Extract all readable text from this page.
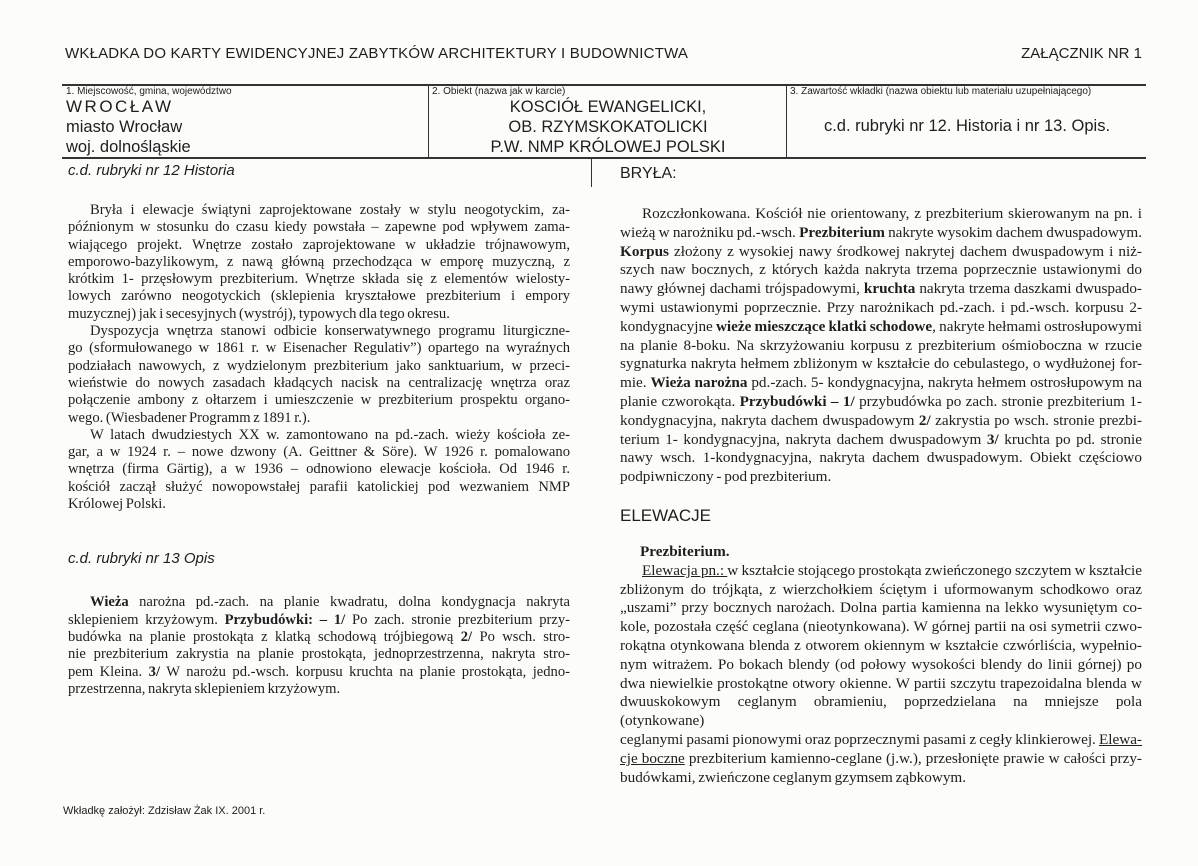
WKŁADKA DO KARTY EWIDENCYJNEJ ZABYTKÓW ARCHITEKTURY I BUDOWNICTWA	ZAŁĄCZNIK NR 1
1. Miejscowość, gmina, województwo
WROCŁAW
miasto Wrocław
woj. dolnośląskie
2. Obiekt (nazwa jak w karcie)
KOSCIÓŁ EWANGELICKI,
OB. RZYMSKOKATOLICKI
P.W. NMP KRÓLOWEJ POLSKI
3. Zawartość wkładki (nazwa obiektu lub materiału uzupełniającego)
c.d. rubryki nr 12. Historia i nr 13. Opis.
c.d. rubryki nr 12 Historia
Bryła i elewacje świątyni zaprojektowane zostały w stylu neogotyckim, za-
późnionym w stosunku do czasu kiedy powstała – zapewne pod wpływem zama-
wiającego projekt. Wnętrze zostało zaprojektowane w układzie trójnawowym,
emporowo-bazylikowym, z nawą główną przechodząca w emporę muzyczną, z
krótkim 1- przęsłowym prezbiterium. Wnętrze składa się z elementów wielosty-
lowych zarówno neogotyckich (sklepienia kryształowe prezbiterium i empory
muzycznej) jak i secesyjnych (wystrój), typowych dla tego okresu.
Dyspozycja wnętrza stanowi odbicie konserwatywnego programu liturgiczne-
go (sformułowanego w 1861 r. w Eisenacher Regulativ”) opartego na wyraźnych
podziałach nawowych, z wydzielonym prezbiterium jako sanktuarium, w przeci-
wieństwie do nowych zasadach kładących nacisk na centralizację wnętrza oraz
połączenie ambony z ołtarzem i umieszczenie w prezbiterium prospektu organo-
wego. (Wiesbadener Programm z 1891 r.).
W latach dwudziestych XX w. zamontowano na pd.-zach. wieży kościoła ze-
gar, a w 1924 r. – nowe dzwony (A. Geittner & Söre). W 1926 r. pomalowano
wnętrza (firma Gärtig), a w 1936 – odnowiono elewacje kościoła. Od 1946 r.
kościół zaczął służyć nowopowstałej parafii katolickiej pod wezwaniem NMP
Królowej Polski.
c.d. rubryki nr 13 Opis
Wieża narożna pd.-zach. na planie kwadratu, dolna kondygnacja nakryta
sklepieniem krzyżowym. Przybudówki: – 1/ Po zach. stronie prezbiterium przy-
budówka na planie prostokąta z klatką schodową trójbiegową 2/ Po wsch. stro-
nie prezbiterium zakrystia na planie prostokąta, jednoprzestrzenna, nakryta stro-
pem Kleina. 3/ W narożu pd.-wsch. korpusu kruchta na planie prostokąta, jedno-
przestrzenna, nakryta sklepieniem krzyżowym.
BRYŁA:
Rozczłonkowana. Kościół nie orientowany, z prezbiterium skierowanym na pn. i
wieżą w narożniku pd.-wsch. Prezbiterium nakryte wysokim dachem dwuspadowym.
Korpus złożony z wysokiej nawy środkowej nakrytej dachem dwuspadowym i niż-
szych naw bocznych, z których każda nakryta trzema poprzecznie ustawionymi do
nawy głównej dachami trójspadowymi, kruchta nakryta trzema daszkami dwuspado-
wymi ustawionymi poprzecznie. Przy narożnikach pd.-zach. i pd.-wsch. korpusu 2-
kondygnacyjne wieże mieszczące klatki schodowe, nakryte hełmami ostrosłupowymi
na planie 8-boku. Na skrzyżowaniu korpusu z prezbiterium ośmioboczna w rzucie
sygnaturka nakryta hełmem zbliżonym w kształcie do cebulastego, o wydłużonej for-
mie. Wieża narożna pd.-zach. 5- kondygnacyjna, nakryta hełmem ostrosłupowym na
planie czworokąta. Przybudówki – 1/ przybudówka po zach. stronie prezbiterium 1-
kondygnacyjna, nakryta dachem dwuspadowym 2/ zakrystia po wsch. stronie prezbi-
terium 1- kondygnacyjna, nakryta dachem dwuspadowym 3/ kruchta po pd. stronie
nawy wsch. 1-kondygnacyjna, nakryta dachem dwuspadowym. Obiekt częściowo
podpiwniczony - pod prezbiterium.
ELEWACJE
Prezbiterium.
Elewacja pn.: w kształcie stojącego prostokąta zwieńczonego szczytem w kształcie
zbliżonym do trójkąta, z wierzchołkiem ściętym i uformowanym schodkowo oraz
„uszami” przy bocznych narożach. Dolna partia kamienna na lekko wysuniętym co-
kole, pozostała część ceglana (nieotynkowana). W górnej partii na osi symetrii czwo-
rokątna otynkowana blenda z otworem okiennym w kształcie czwórliścia, wypełnio-
nym witrażem. Po bokach blendy (od połowy wysokości blendy do linii górnej) po
dwa niewielkie prostokątne otwory okienne. W partii szczytu trapezoidalna blenda w
dwuuskokowym ceglanym obramieniu, poprzedzielana na mniejsze pola (otynkowane)
ceglanymi pasami pionowymi oraz poprzecznymi pasami z cegły klinkierowej. Elewa-
cje boczne prezbiterium kamienno-ceglane (j.w.), przesłonięte prawie w całości przy-
budówkami, zwieńczone ceglanym gzymsem ząbkowym.
Wkładkę założył: Zdzisław Żak IX. 2001 r.
